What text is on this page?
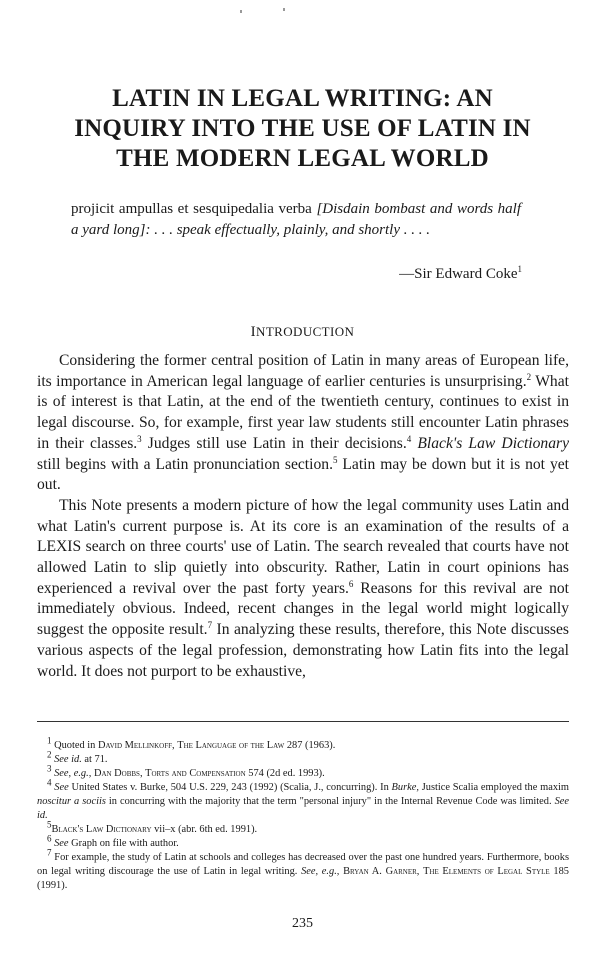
LATIN IN LEGAL WRITING: AN
INQUIRY INTO THE USE OF LATIN IN
THE MODERN LEGAL WORLD
projicit ampullas et sesquipedalia verba [Disdain bombast and words half a yard long]: . . . speak effectually, plainly, and shortly . . . .
—Sir Edward Coke$^1$
INTRODUCTION

Considering the former central position of Latin in many areas of European life, its importance in American legal language of earlier centuries is unsurprising.$^2$ What is of interest is that Latin, at the end of the twentieth century, continues to exist in legal discourse. So, for example, first year law students still encounter Latin phrases in their classes.$^3$ Judges still use Latin in their decisions.$^4$ Black's Law Dictionary still begins with a Latin pronunciation section.$^5$ Latin may be down but it is not yet out.

This Note presents a modern picture of how the legal community uses Latin and what Latin's current purpose is. At its core is an examination of the results of a LEXIS search on three courts' use of Latin. The search revealed that courts have not allowed Latin to slip quietly into obscurity. Rather, Latin in court opinions has experienced a revival over the past forty years.$^6$ Reasons for this revival are not immediately obvious. Indeed, recent changes in the legal world might logically suggest the opposite result.$^7$ In analyzing these results, therefore, this Note discusses various aspects of the legal profession, demonstrating how Latin fits into the legal world. It does not purport to be exhaustive,

$^1$ Quoted in David Mellinkoff, The Language of the Law 287 (1963).

$^2$ See id. at 71.

$^3$ See, e.g., Dan Dobbs, Torts and Compensation 574 (2d ed. 1993).

$^4$ See United States v. Burke, 504 U.S. 229, 243 (1992) (Scalia, J., concurring). In Burke, Justice Scalia employed the maxim noscitur a sociis in concurring with the majority that the term "personal injury" in the Internal Revenue Code was limited. See id.

$^5$Black's Law Dictionary vii–x (abr. 6th ed. 1991).

$^6$ See Graph on file with author.

$^7$ For example, the study of Latin at schools and colleges has decreased over the past one hundred years. Furthermore, books on legal writing discourage the use of Latin in legal writing. See, e.g., Bryan A. Garner, The Elements of Legal Style 185 (1991).

235
